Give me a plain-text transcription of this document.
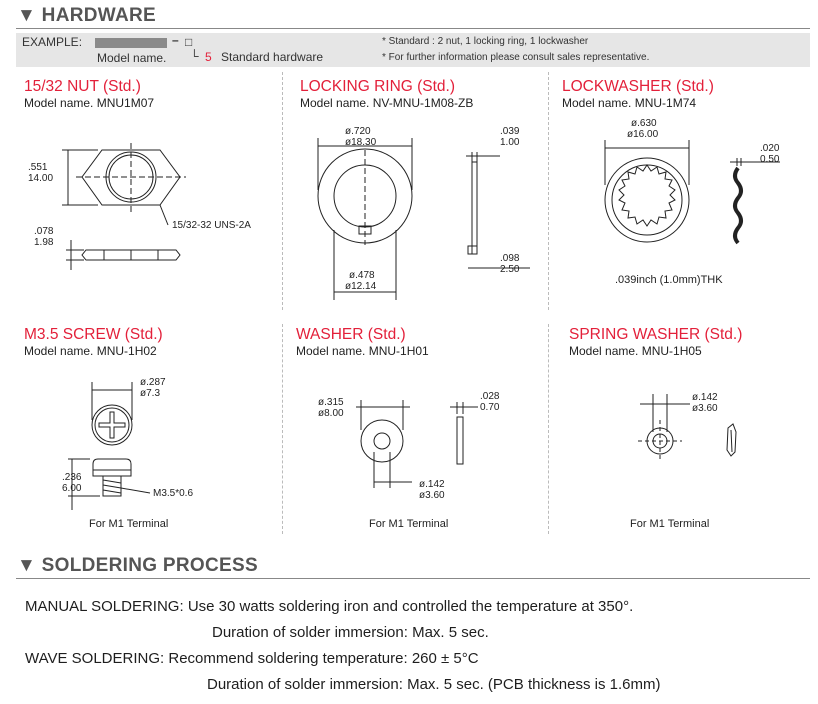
▼ HARDWARE
EXAMPLE:	– □
Model name. └ 5 Standard hardware
* Standard : 2 nut, 1 locking ring, 1 lockwasher
* For further information please consult sales representative.
15/32 NUT (Std.)
Model name. MNU1M07
.551
14.00
15/32-32 UNS-2A
.078
1.98
LOCKING RING (Std.)
Model name. NV-MNU-1M08-ZB
ø.720
ø18.30
ø.478
ø12.14
.039
1.00
.098
2.50
LOCKWASHER (Std.)
Model name. MNU-1M74
ø.630
ø16.00
.020
0.50
.039inch (1.0mm)THK
M3.5 SCREW (Std.)
Model name. MNU-1H02
ø.287
ø7.3
.236
6.00	M3.5*0.6
For M1 Terminal
WASHER (Std.)
Model name. MNU-1H01
ø.315
ø8.00
.028
0.70
ø.142
ø3.60
For M1 Terminal
SPRING WASHER (Std.)
Model name. MNU-1H05
ø.142
ø3.60
For M1 Terminal
▼ SOLDERING PROCESS
MANUAL SOLDERING: Use 30 watts soldering iron and controlled the temperature at 350°.
Duration of solder immersion: Max. 5 sec.
WAVE SOLDERING: Recommend soldering temperature: 260 ± 5°C
Duration of solder immersion: Max. 5 sec. (PCB thickness is 1.6mm)
